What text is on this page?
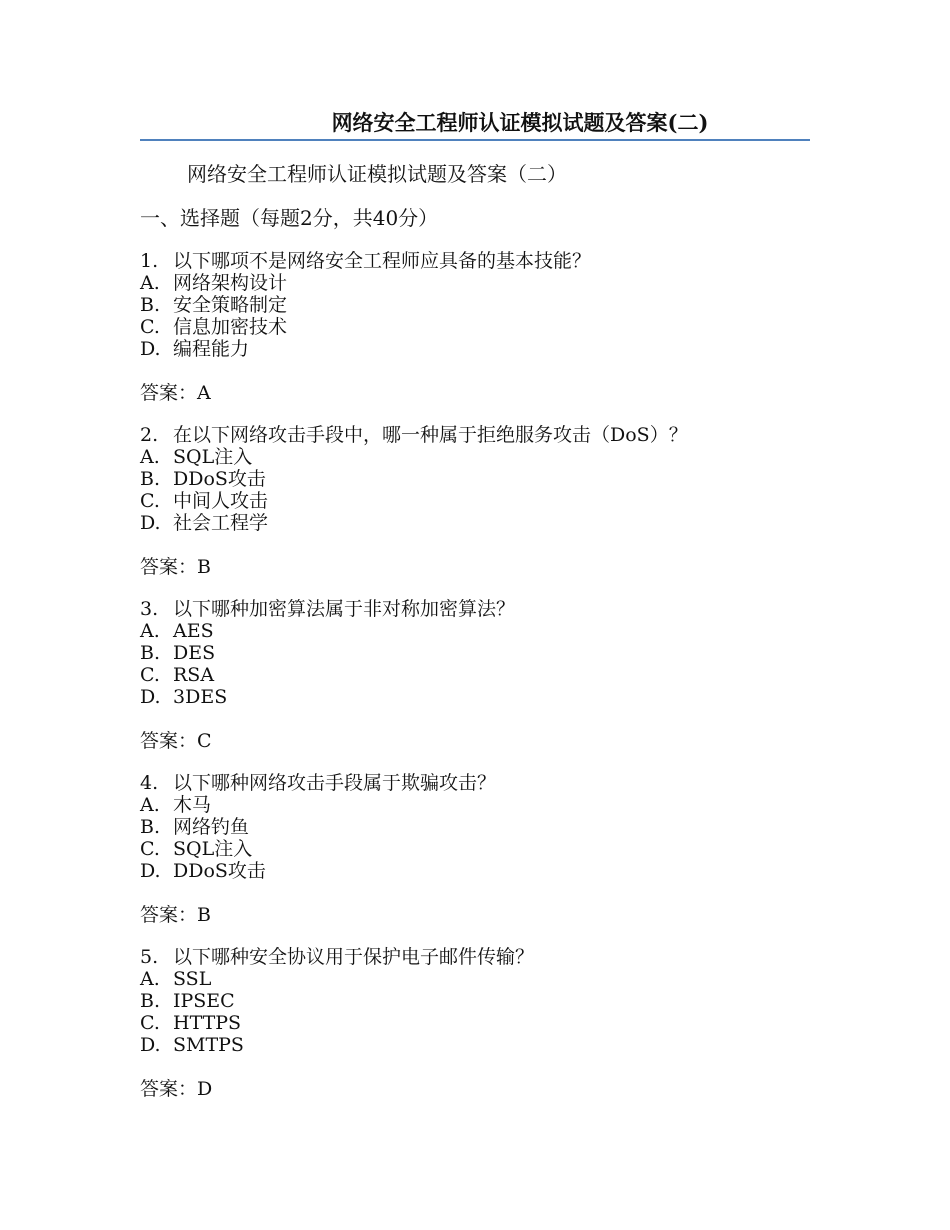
网络安全工程师认证模拟试题及答案(二)
网络安全工程师认证模拟试题及答案（二）
一、选择题（每题2分，共40分）
1. 以下哪项不是网络安全工程师应具备的基本技能？
A. 网络架构设计
B. 安全策略制定
C. 信息加密技术
D. 编程能力
答案：A
2. 在以下网络攻击手段中，哪一种属于拒绝服务攻击（DoS）？
A. SQL注入
B. DDoS攻击
C. 中间人攻击
D. 社会工程学
答案：B
3. 以下哪种加密算法属于非对称加密算法？
A. AES
B. DES
C. RSA
D. 3DES
答案：C
4. 以下哪种网络攻击手段属于欺骗攻击？
A. 木马
B. 网络钓鱼
C. SQL注入
D. DDoS攻击
答案：B
5. 以下哪种安全协议用于保护电子邮件传输？
A. SSL
B. IPSEC
C. HTTPS
D. SMTPS
答案：D
